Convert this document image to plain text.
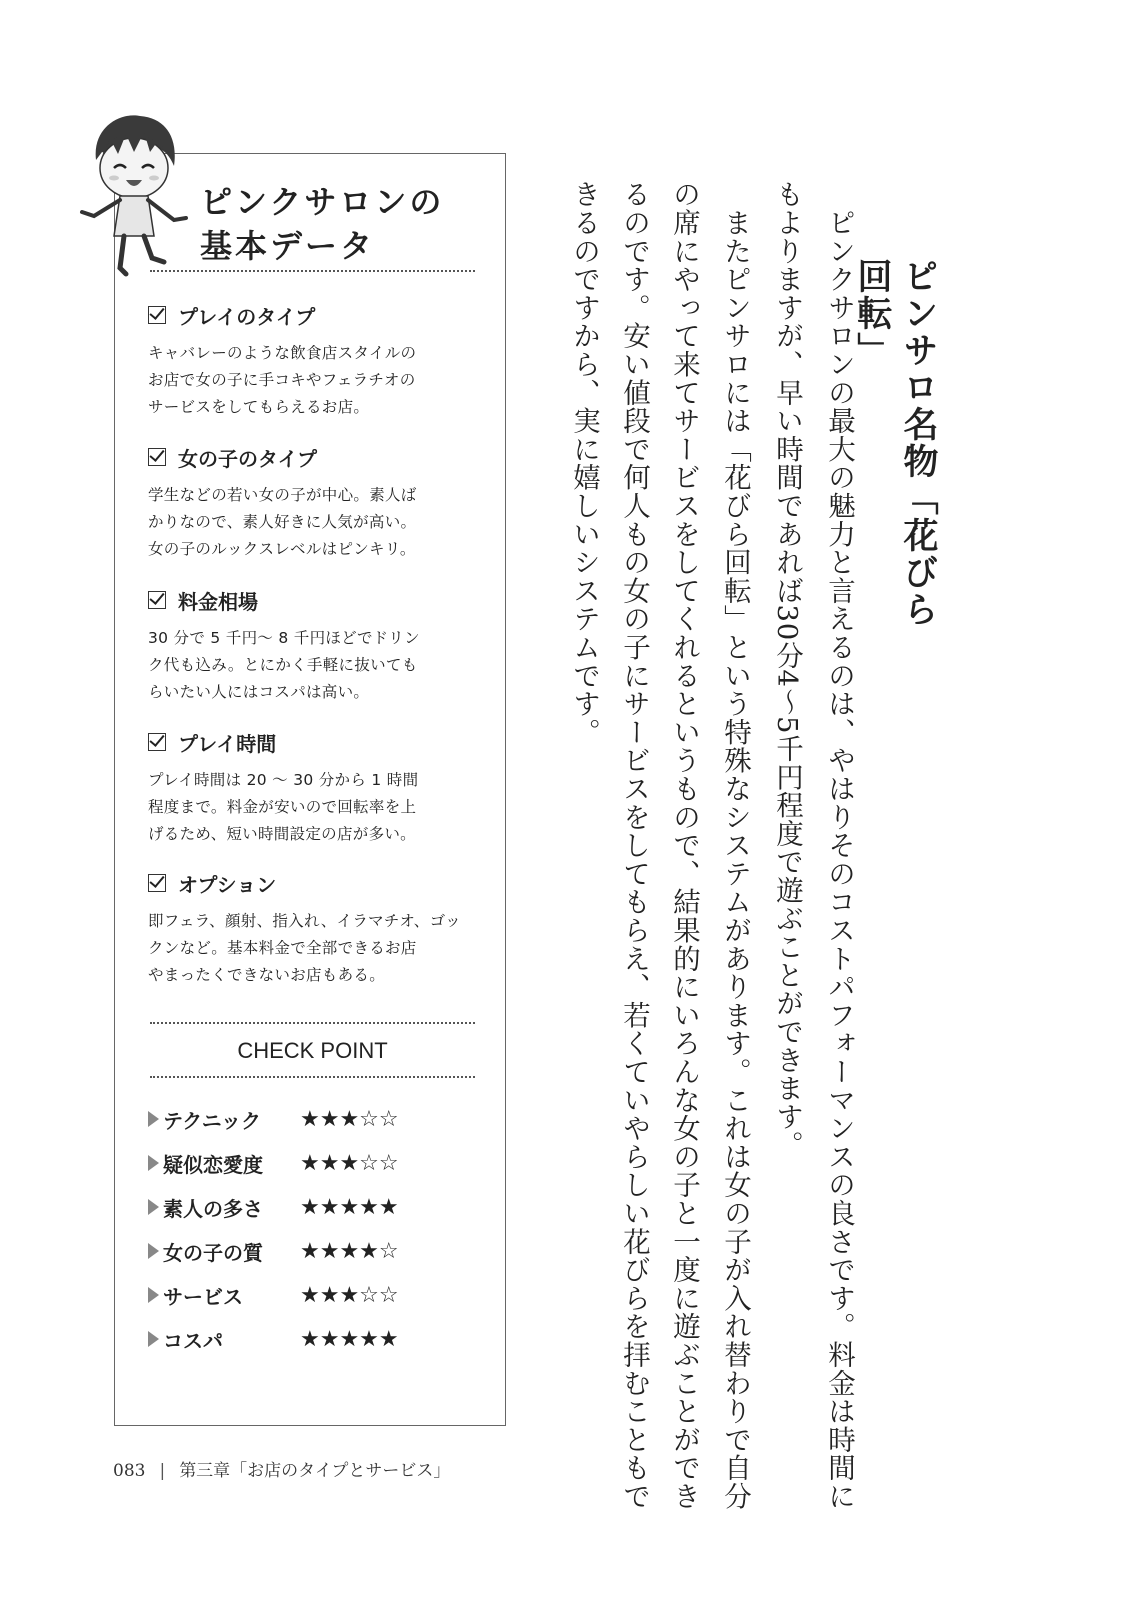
ピンクサロンの
基本データ
プレイのタイプ
キャバレーのような飲食店スタイルの
お店で女の子に手コキやフェラチオの
サービスをしてもらえるお店。
女の子のタイプ
学生などの若い女の子が中心。素人ば
かりなので、素人好きに人気が高い。
女の子のルックスレベルはピンキリ。
料金相場
30 分で 5 千円〜 8 千円ほどでドリン
ク代も込み。とにかく手軽に抜いても
らいたい人にはコスパは高い。
プレイ時間
プレイ時間は 20 〜 30 分から 1 時間
程度まで。料金が安いので回転率を上
げるため、短い時間設定の店が多い。
オプション
即フェラ、顔射、指入れ、イラマチオ、ゴッ
クンなど。基本料金で全部できるお店
やまったくできないお店もある。
CHECK POINT
テクニック	★★★☆☆
疑似恋愛度	★★★☆☆
素人の多さ	★★★★★
女の子の質	★★★★☆
サービス	★★★☆☆
コスパ	★★★★★
ピンサロ名物「花びら回転」
　ピンクサロンの最大の魅力と言えるのは、やはりそのコストパフォーマンスの良さです。料金は時間に
もよりますが、早い時間であれば30分4〜5千円程度で遊ぶことができます。
　またピンサロには「花びら回転」という特殊なシステムがあります。これは女の子が入れ替わりで自分
の席にやって来てサービスをしてくれるというもので、結果的にいろんな女の子と一度に遊ぶことができ
るのです。安い値段で何人もの女の子にサービスをしてもらえ、若くていやらしい花びらを拝むこともで
きるのですから、実に嬉しいシステムです。
083 | 第三章「お店のタイプとサービス」
